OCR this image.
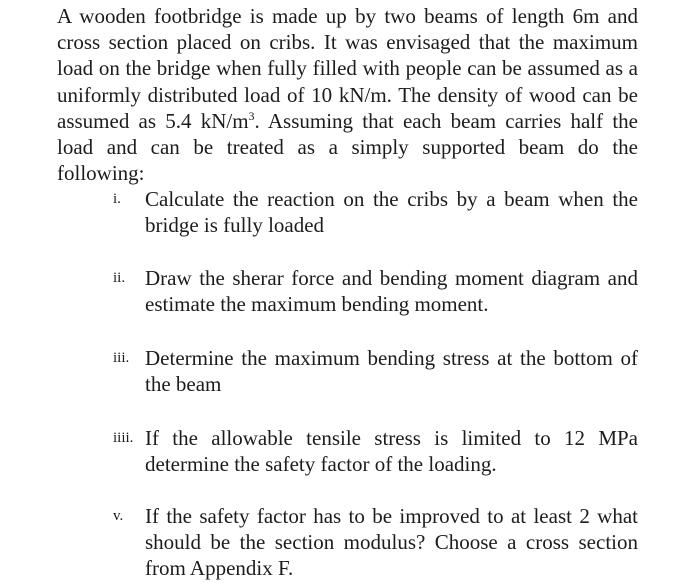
A wooden footbridge is made up by two beams of length 6m and cross section placed on cribs. It was envisaged that the maximum load on the bridge when fully filled with people can be assumed as a uniformly distributed load of 10 kN/m. The density of wood can be assumed as 5.4 $kN/m^3$. Assuming that each beam carries half the load and can be treated as a simply supported beam do the following:

i. Calculate the reaction on the cribs by a beam when the bridge is fully loaded
ii. Draw the sherar force and bending moment diagram and estimate the maximum bending moment.
iii. Determine the maximum bending stress at the bottom of the beam
iiii. If the allowable tensile stress is limited to 12 MPa determine the safety factor of the loading.
v. If the safety factor has to be improved to at least 2 what should be the section modulus? Choose a cross section from Appendix F.
